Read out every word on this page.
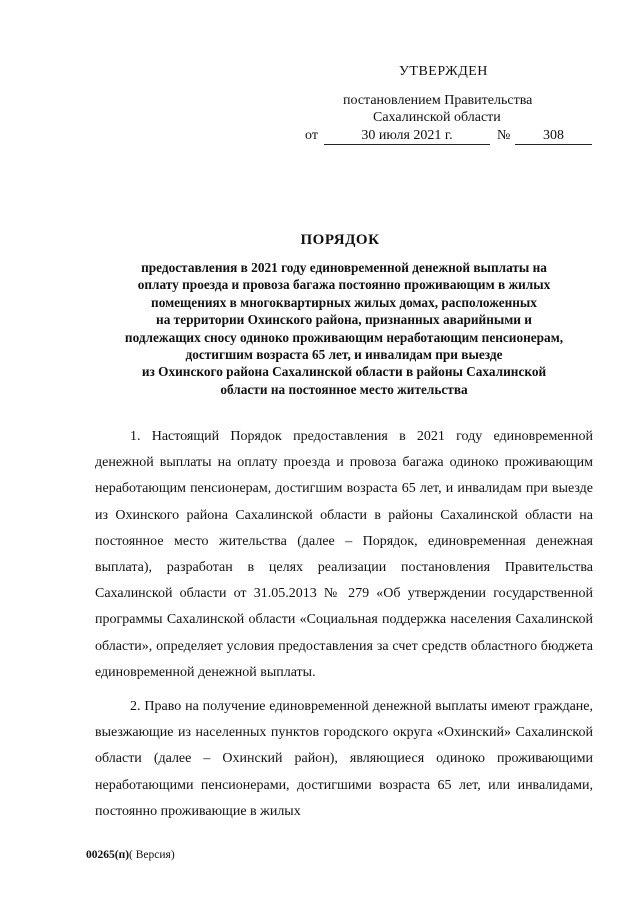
УТВЕРЖДЕН
постановлением Правительства
Сахалинской области
от	30 июля 2021 г.	№	308
ПОРЯДОК
предоставления в 2021 году единовременной денежной выплаты на
оплату проезда и провоза багажа постоянно проживающим в жилых
помещениях в многоквартирных жилых домах, расположенных
на территории Охинского района, признанных аварийными и
подлежащих сносу одиноко проживающим неработающим пенсионерам,
достигшим возраста 65 лет, и инвалидам при выезде
из Охинского района Сахалинской области в районы Сахалинской
области на постоянное место жительства

1. Настоящий Порядок предоставления в 2021 году единовременной денежной выплаты на оплату проезда и провоза багажа одиноко проживающим неработающим пенсионерам, достигшим возраста 65 лет, и инвалидам при выезде из Охинского района Сахалинской области в районы Сахалинской области на постоянное место жительства (далее – Порядок, единовременная денежная выплата), разработан в целях реализации постановления Правительства Сахалинской области от 31.05.2013 № 279 «Об утверждении государственной программы Сахалинской области «Социальная поддержка населения Сахалинской области», определяет условия предоставления за счет средств областного бюджета единовременной денежной выплаты.

2. Право на получение единовременной денежной выплаты имеют граждане, выезжающие из населенных пунктов городского округа «Охинский» Сахалинской области (далее – Охинский район), являющиеся одиноко проживающими неработающими пенсионерами, достигшими возраста 65 лет, или инвалидами, постоянно проживающие в жилых

00265(п)( Версия)
